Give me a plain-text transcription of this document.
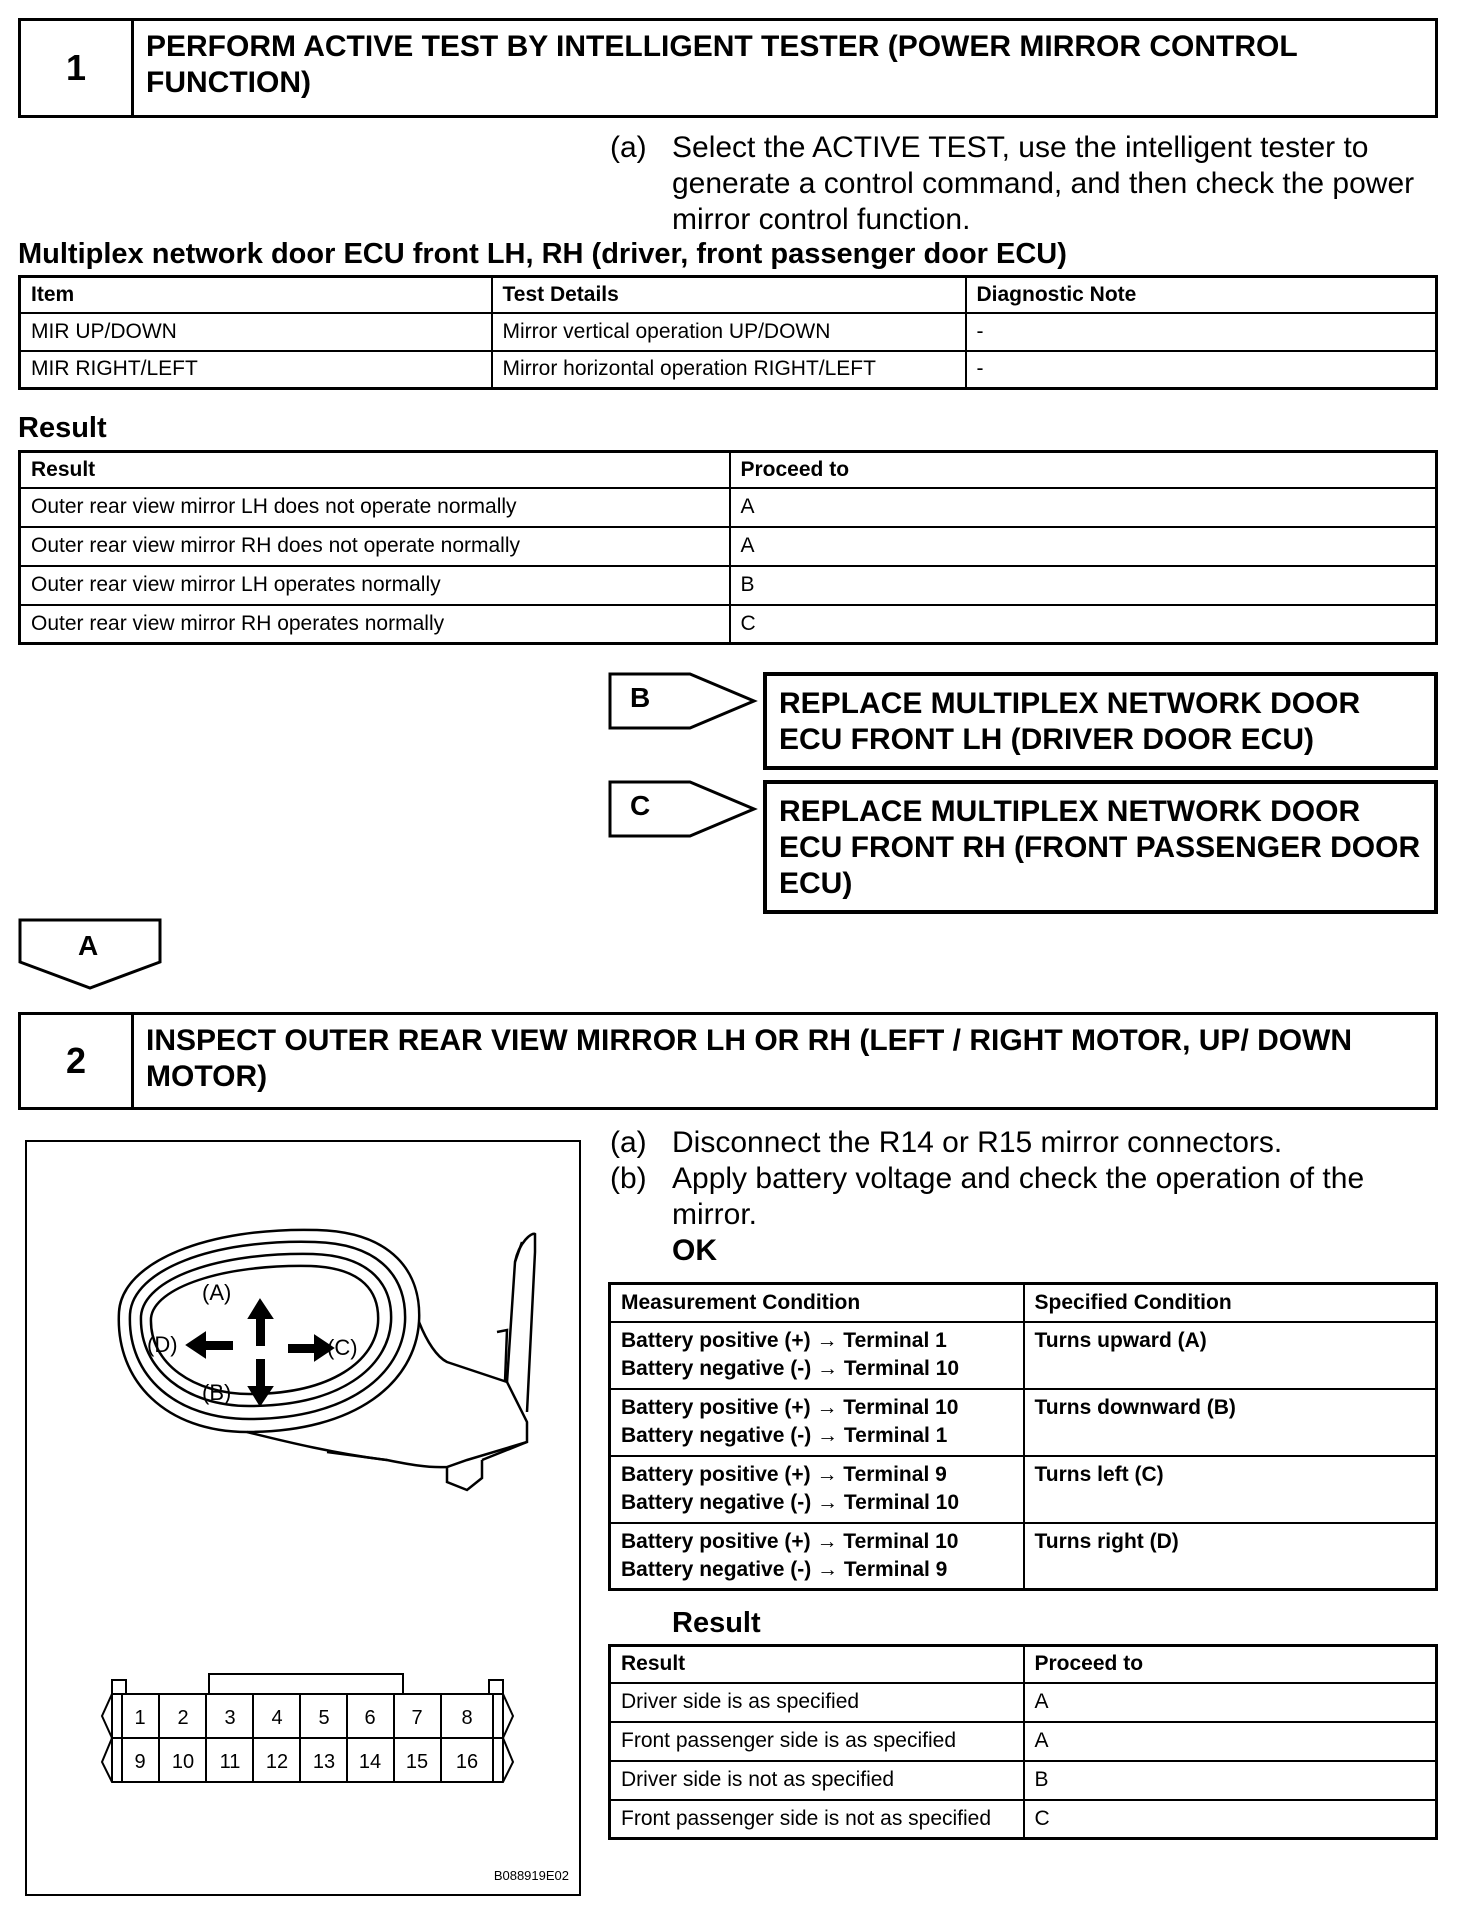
1
PERFORM ACTIVE TEST BY INTELLIGENT TESTER (POWER MIRROR CONTROL FUNCTION)
(a) Select the ACTIVE TEST, use the intelligent tester to generate a control command, and then check the power mirror control function.
Multiplex network door ECU front LH, RH (driver, front passenger door ECU)
Item	Test Details	Diagnostic Note
MIR UP/DOWN	Mirror vertical operation UP/DOWN	-
MIR RIGHT/LEFT	Mirror horizontal operation RIGHT/LEFT	-
Result
Result	Proceed to
Outer rear view mirror LH does not operate normally	A
Outer rear view mirror RH does not operate normally	A
Outer rear view mirror LH operates normally	B
Outer rear view mirror RH operates normally	C
B	REPLACE MULTIPLEX NETWORK DOOR ECU FRONT LH (DRIVER DOOR ECU)
C	REPLACE MULTIPLEX NETWORK DOOR ECU FRONT RH (FRONT PASSENGER DOOR ECU)
A
2	INSPECT OUTER REAR VIEW MIRROR LH OR RH (LEFT / RIGHT MOTOR, UP/ DOWN MOTOR)
(a) Disconnect the R14 or R15 mirror connectors.
(b) Apply battery voltage and check the operation of the mirror.
OK
Measurement Condition	Specified Condition

Battery positive (+) → Terminal 1
Battery negative (-) → Terminal 10	Turns upward (A)

Battery positive (+) → Terminal 10
Battery negative (-) → Terminal 1	Turns downward (B)

Battery positive (+) → Terminal 9
Battery negative (-) → Terminal 10	Turns left (C)

Battery positive (+) → Terminal 10
Battery negative (-) → Terminal 9	Turns right (D)
Result
Result	Proceed to
Driver side is as specified	A
Front passenger side is as specified	A
Driver side is not as specified	B
Front passenger side is not as specified	C
(A)
(D)	(C)
(B)
1 2 3 4 5 6 7 8
9 10 11 12 13 14 15 16
B088919E02
